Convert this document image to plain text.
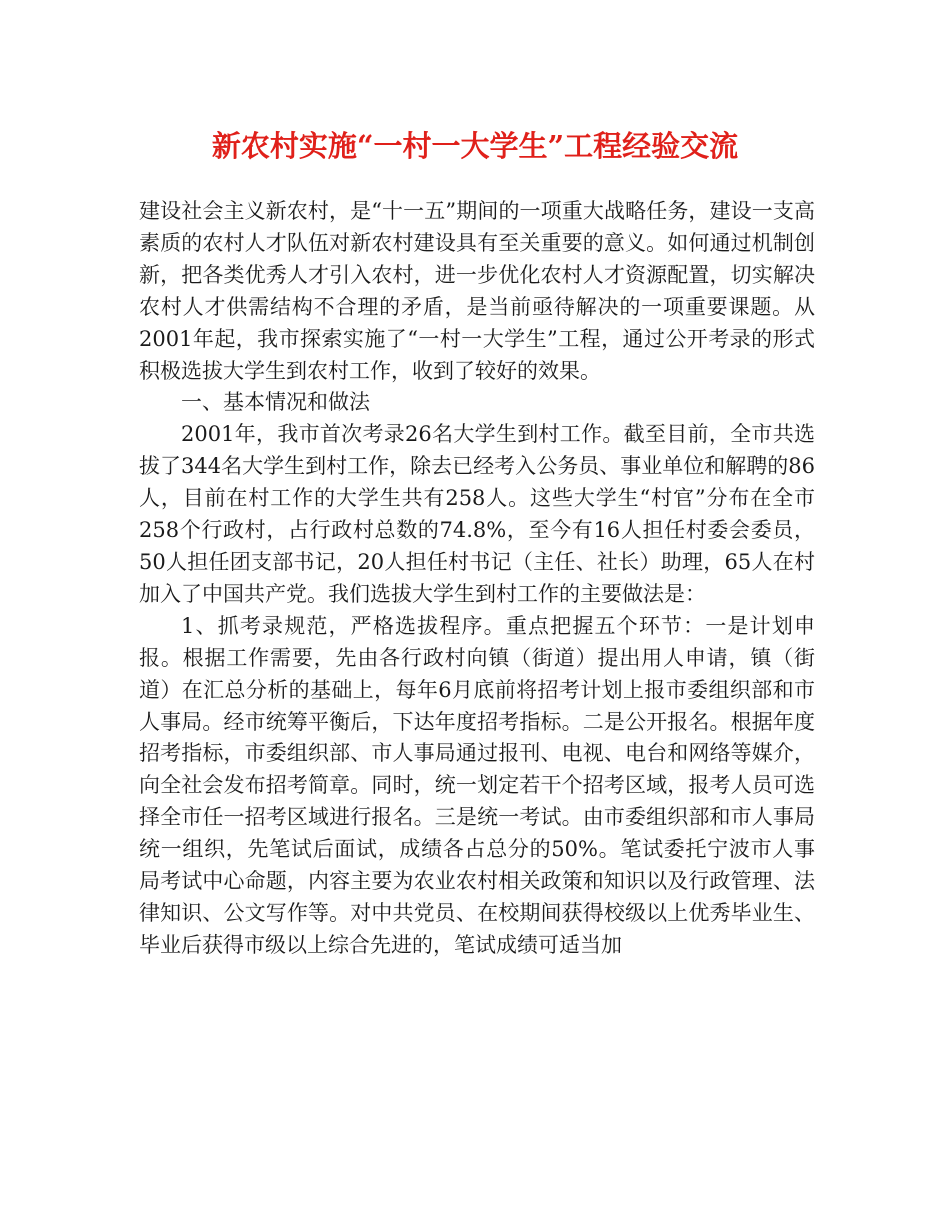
新农村实施“一村一大学生”工程经验交流

建设社会主义新农村，是“十一五”期间的一项重大战略任务，建设一支高素质的农村人才队伍对新农村建设具有至关重要的意义。如何通过机制创新，把各类优秀人才引入农村，进一步优化农村人才资源配置，切实解决农村人才供需结构不合理的矛盾，是当前亟待解决的一项重要课题。从2001年起，我市探索实施了“一村一大学生”工程，通过公开考录的形式积极选拔大学生到农村工作，收到了较好的效果。

一、基本情况和做法

2001年，我市首次考录26名大学生到村工作。截至目前，全市共选拔了344名大学生到村工作，除去已经考入公务员、事业单位和解聘的86人，目前在村工作的大学生共有258人。这些大学生“村官”分布在全市258个行政村，占行政村总数的74.8%，至今有16人担任村委会委员，50人担任团支部书记，20人担任村书记（主任、社长）助理，65人在村加入了中国共产党。我们选拔大学生到村工作的主要做法是：

1、抓考录规范，严格选拔程序。重点把握五个环节：一是计划申报。根据工作需要，先由各行政村向镇（街道）提出用人申请，镇（街道）在汇总分析的基础上，每年6月底前将招考计划上报市委组织部和市人事局。经市统筹平衡后，下达年度招考指标。二是公开报名。根据年度招考指标，市委组织部、市人事局通过报刊、电视、电台和网络等媒介，向全社会发布招考简章。同时，统一划定若干个招考区域，报考人员可选择全市任一招考区域进行报名。三是统一考试。由市委组织部和市人事局统一组织，先笔试后面试，成绩各占总分的50%。笔试委托宁波市人事局考试中心命题，内容主要为农业农村相关政策和知识以及行政管理、法律知识、公文写作等。对中共党员、在校期间获得校级以上优秀毕业生、毕业后获得市级以上综合先进的，笔试成绩可适当加
